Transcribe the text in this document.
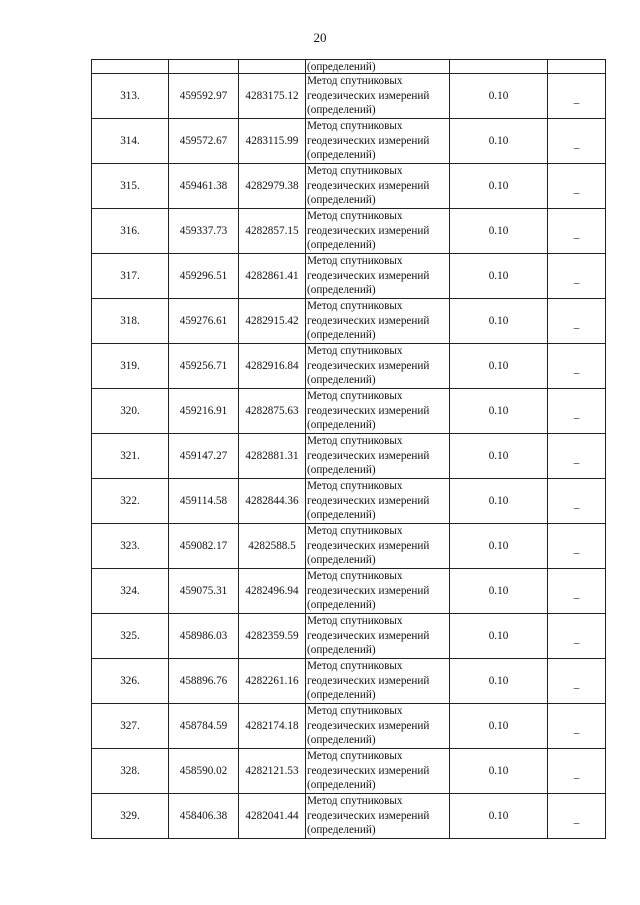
20
			(определений)		
313.	459592.97	4283175.12	Метод спутниковых
геодезических измерений
(определений)	0.10	_
314.	459572.67	4283115.99	Метод спутниковых
геодезических измерений
(определений)	0.10	_
315.	459461.38	4282979.38	Метод спутниковых
геодезических измерений
(определений)	0.10	_
316.	459337.73	4282857.15	Метод спутниковых
геодезических измерений
(определений)	0.10	_
317.	459296.51	4282861.41	Метод спутниковых
геодезических измерений
(определений)	0.10	_
318.	459276.61	4282915.42	Метод спутниковых
геодезических измерений
(определений)	0.10	_
319.	459256.71	4282916.84	Метод спутниковых
геодезических измерений
(определений)	0.10	_
320.	459216.91	4282875.63	Метод спутниковых
геодезических измерений
(определений)	0.10	_
321.	459147.27	4282881.31	Метод спутниковых
геодезических измерений
(определений)	0.10	_
322.	459114.58	4282844.36	Метод спутниковых
геодезических измерений
(определений)	0.10	_
323.	459082.17	4282588.5	Метод спутниковых
геодезических измерений
(определений)	0.10	_
324.	459075.31	4282496.94	Метод спутниковых
геодезических измерений
(определений)	0.10	_
325.	458986.03	4282359.59	Метод спутниковых
геодезических измерений
(определений)	0.10	_
326.	458896.76	4282261.16	Метод спутниковых
геодезических измерений
(определений)	0.10	_
327.	458784.59	4282174.18	Метод спутниковых
геодезических измерений
(определений)	0.10	_
328.	458590.02	4282121.53	Метод спутниковых
геодезических измерений
(определений)	0.10	_
329.	458406.38	4282041.44	Метод спутниковых
геодезических измерений
(определений)	0.10	_
